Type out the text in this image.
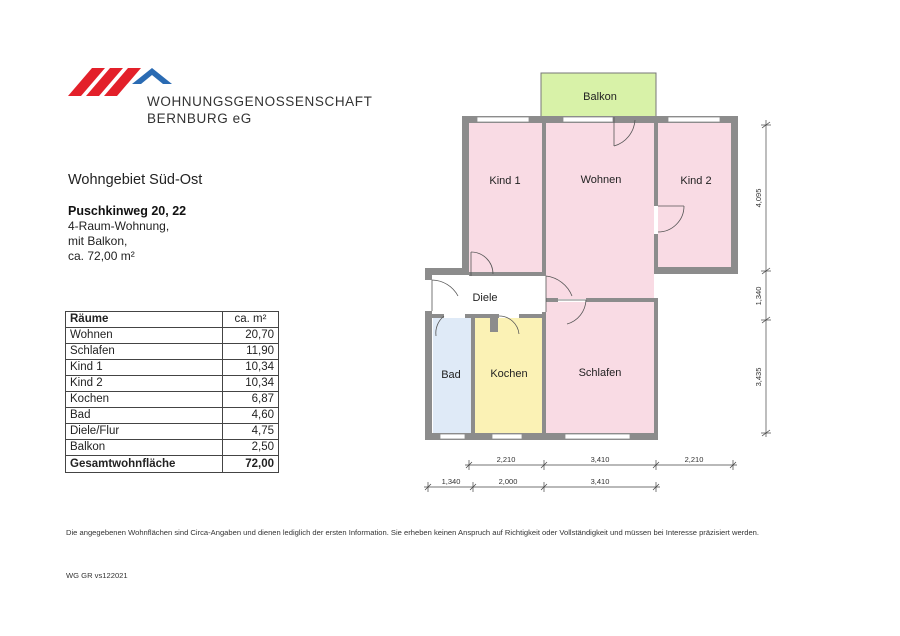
WOHNUNGSGENOSSENSCHAFT
BERNBURG eG
Wohngebiet Süd-Ost
Puschkinweg 20, 22
4-Raum-Wohnung,
mit Balkon,
ca. 72,00 m²
Räume	ca. m²
Wohnen	20,70
Schlafen	11,90
Kind 1	10,34
Kind 2	10,34
Kochen	6,87
Bad	4,60
Diele/Flur	4,75
Balkon	2,50
Gesamtwohnfläche	72,00
Balkon
Kind 1	Wohnen	Kind 2
Diele
Bad	Kochen	Schlafen
4,095
1,340
3,435
2,210	3,410	2,210
1,340	2,000	3,410
Die angegebenen Wohnflächen sind Circa-Angaben und dienen lediglich der ersten Information. Sie erheben keinen Anspruch auf Richtigkeit oder Vollständigkeit und müssen bei Interesse präzisiert werden.
WG GR vs122021
